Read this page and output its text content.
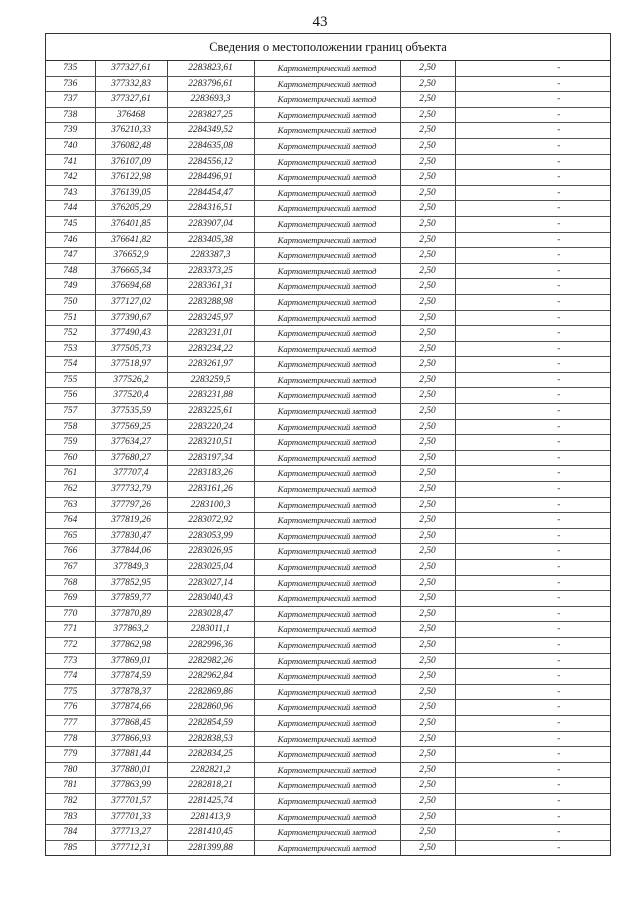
43
Сведения о местоположении границ объекта
735	377327,61	2283823,61	Картометрический метод	2,50	-
736	377332,83	2283796,61	Картометрический метод	2,50	-
737	377327,61	2283693,3	Картометрический метод	2,50	-
738	376468	2283827,25	Картометрический метод	2,50	-
739	376210,33	2284349,52	Картометрический метод	2,50	-
740	376082,48	2284635,08	Картометрический метод	2,50	-
741	376107,09	2284556,12	Картометрический метод	2,50	-
742	376122,98	2284496,91	Картометрический метод	2,50	-
743	376139,05	2284454,47	Картометрический метод	2,50	-
744	376205,29	2284316,51	Картометрический метод	2,50	-
745	376401,85	2283907,04	Картометрический метод	2,50	-
746	376641,82	2283405,38	Картометрический метод	2,50	-
747	376652,9	2283387,3	Картометрический метод	2,50	-
748	376665,34	2283373,25	Картометрический метод	2,50	-
749	376694,68	2283361,31	Картометрический метод	2,50	-
750	377127,02	2283288,98	Картометрический метод	2,50	-
751	377390,67	2283245,97	Картометрический метод	2,50	-
752	377490,43	2283231,01	Картометрический метод	2,50	-
753	377505,73	2283234,22	Картометрический метод	2,50	-
754	377518,97	2283261,97	Картометрический метод	2,50	-
755	377526,2	2283259,5	Картометрический метод	2,50	-
756	377520,4	2283231,88	Картометрический метод	2,50	-
757	377535,59	2283225,61	Картометрический метод	2,50	-
758	377569,25	2283220,24	Картометрический метод	2,50	-
759	377634,27	2283210,51	Картометрический метод	2,50	-
760	377680,27	2283197,34	Картометрический метод	2,50	-
761	377707,4	2283183,26	Картометрический метод	2,50	-
762	377732,79	2283161,26	Картометрический метод	2,50	-
763	377797,26	2283100,3	Картометрический метод	2,50	-
764	377819,26	2283072,92	Картометрический метод	2,50	-
765	377830,47	2283053,99	Картометрический метод	2,50	-
766	377844,06	2283026,95	Картометрический метод	2,50	-
767	377849,3	2283025,04	Картометрический метод	2,50	-
768	377852,95	2283027,14	Картометрический метод	2,50	-
769	377859,77	2283040,43	Картометрический метод	2,50	-
770	377870,89	2283028,47	Картометрический метод	2,50	-
771	377863,2	2283011,1	Картометрический метод	2,50	-
772	377862,98	2282996,36	Картометрический метод	2,50	-
773	377869,01	2282982,26	Картометрический метод	2,50	-
774	377874,59	2282962,84	Картометрический метод	2,50	-
775	377878,37	2282869,86	Картометрический метод	2,50	-
776	377874,66	2282860,96	Картометрический метод	2,50	-
777	377868,45	2282854,59	Картометрический метод	2,50	-
778	377866,93	2282838,53	Картометрический метод	2,50	-
779	377881,44	2282834,25	Картометрический метод	2,50	-
780	377880,01	2282821,2	Картометрический метод	2,50	-
781	377863,99	2282818,21	Картометрический метод	2,50	-
782	377701,57	2281425,74	Картометрический метод	2,50	-
783	377701,33	2281413,9	Картометрический метод	2,50	-
784	377713,27	2281410,45	Картометрический метод	2,50	-
785	377712,31	2281399,88	Картометрический метод	2,50	-
